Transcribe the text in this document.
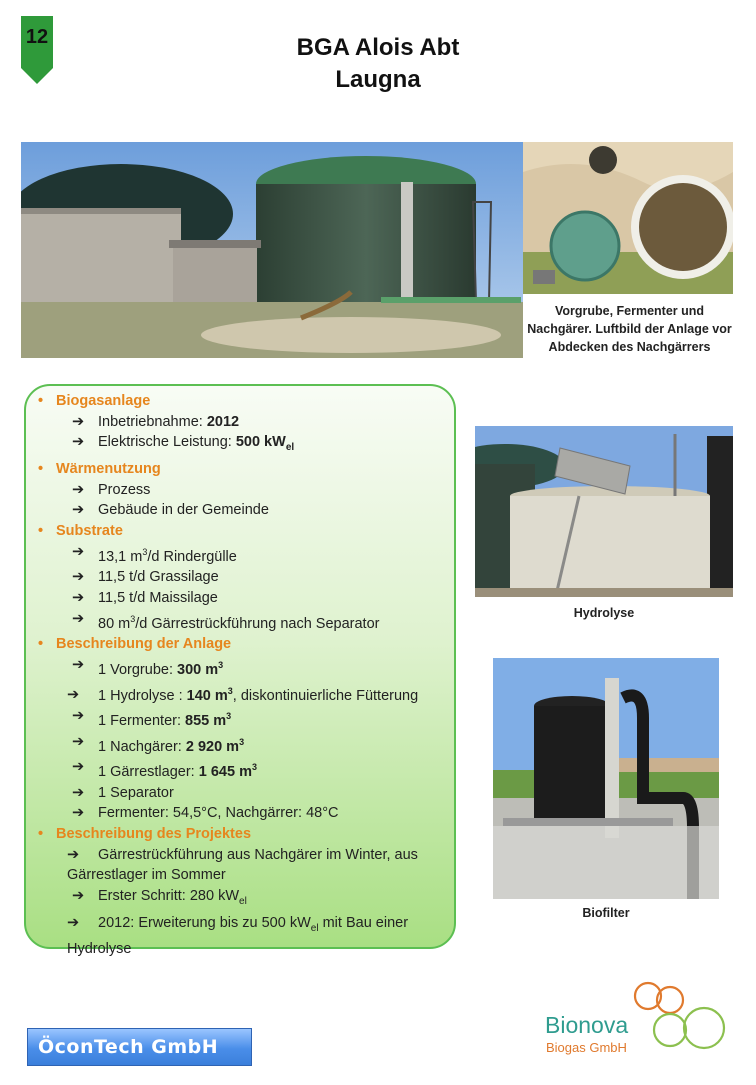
12	BGA Alois Abt
Laugna
Vorgrube, Fermenter und Nachgärer. Luftbild der Anlage vor Abdecken des Nachgärrers
• Biogasanlage
➔ Inbetriebnahme: 2012
➔ Elektrische Leistung: 500 $kW_{el}$
• Wärmenutzung
➔ Prozess
➔ Gebäude in der Gemeinde
• Substrate
➔ 13,1 $m^3/d$ Rindergülle
➔ 11,5 t/d Grassilage
➔ 11,5 t/d Maissilage
➔ 80 $m^3/d$ Gärrestrückführung nach Separator
• Beschreibung der Anlage
➔ 1 Vorgrube: 300 $m^3$
➔ 1 Hydrolyse : 140 $m^3$, diskontinuierliche Fütterung
➔ 1 Fermenter: 855 $m^3$
➔ 1 Nachgärer: 2 920 $m^3$
➔ 1 Gärrestlager: 1 645 $m^3$
➔ 1 Separator
➔ Fermenter: 54,5°C, Nachgärrer: 48°C
• Beschreibung des Projektes
➔ Gärrestrückführung aus Nachgärer im Winter, aus Gärrestlager im Sommer
➔ Erster Schritt: 280 $kW_{el}$
➔ 2012: Erweiterung bis zu 500 $kW_{el}$ mit Bau einer Hydrolyse
Hydrolyse
Biofilter
ÖconTech GmbH
Bionova
Biogas GmbH
